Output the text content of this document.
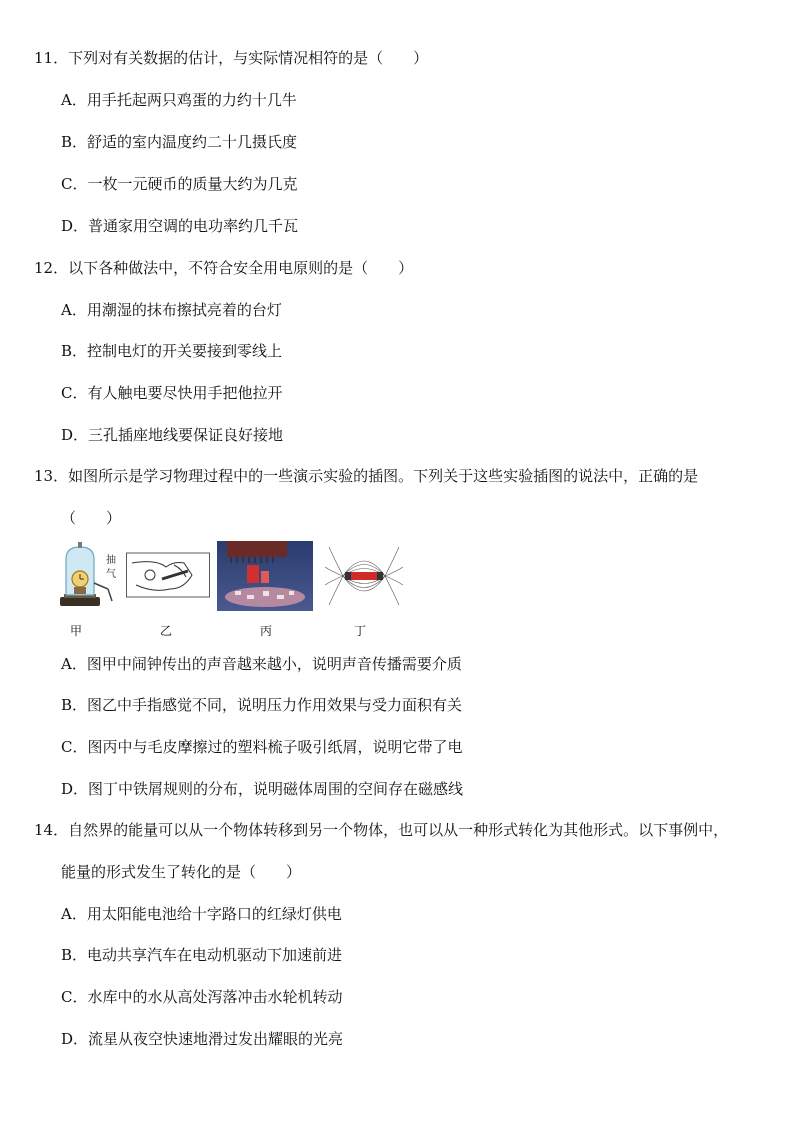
11．下列对有关数据的估计，与实际情况相符的是（　　）
A．用手托起两只鸡蛋的力约十几牛
B．舒适的室内温度约二十几摄氏度
C．一枚一元硬币的质量大约为几克
D．普通家用空调的电功率约几千瓦
12．以下各种做法中，不符合安全用电原则的是（　　）
A．用潮湿的抹布擦拭亮着的台灯
B．控制电灯的开关要接到零线上
C．有人触电要尽快用手把他拉开
D．三孔插座地线要保证良好接地
13．如图所示是学习物理过程中的一些演示实验的插图。下列关于这些实验插图的说法中，正确的是
（　　）
抽
气
甲	乙	丙	丁
A．图甲中闹钟传出的声音越来越小，说明声音传播需要介质
B．图乙中手指感觉不同，说明压力作用效果与受力面积有关
C．图丙中与毛皮摩擦过的塑料梳子吸引纸屑，说明它带了电
D．图丁中铁屑规则的分布，说明磁体周围的空间存在磁感线
14．自然界的能量可以从一个物体转移到另一个物体，也可以从一种形式转化为其他形式。以下事例中，
能量的形式发生了转化的是（　　）
A．用太阳能电池给十字路口的红绿灯供电
B．电动共享汽车在电动机驱动下加速前进
C．水库中的水从高处泻落冲击水轮机转动
D．流星从夜空快速地滑过发出耀眼的光亮
